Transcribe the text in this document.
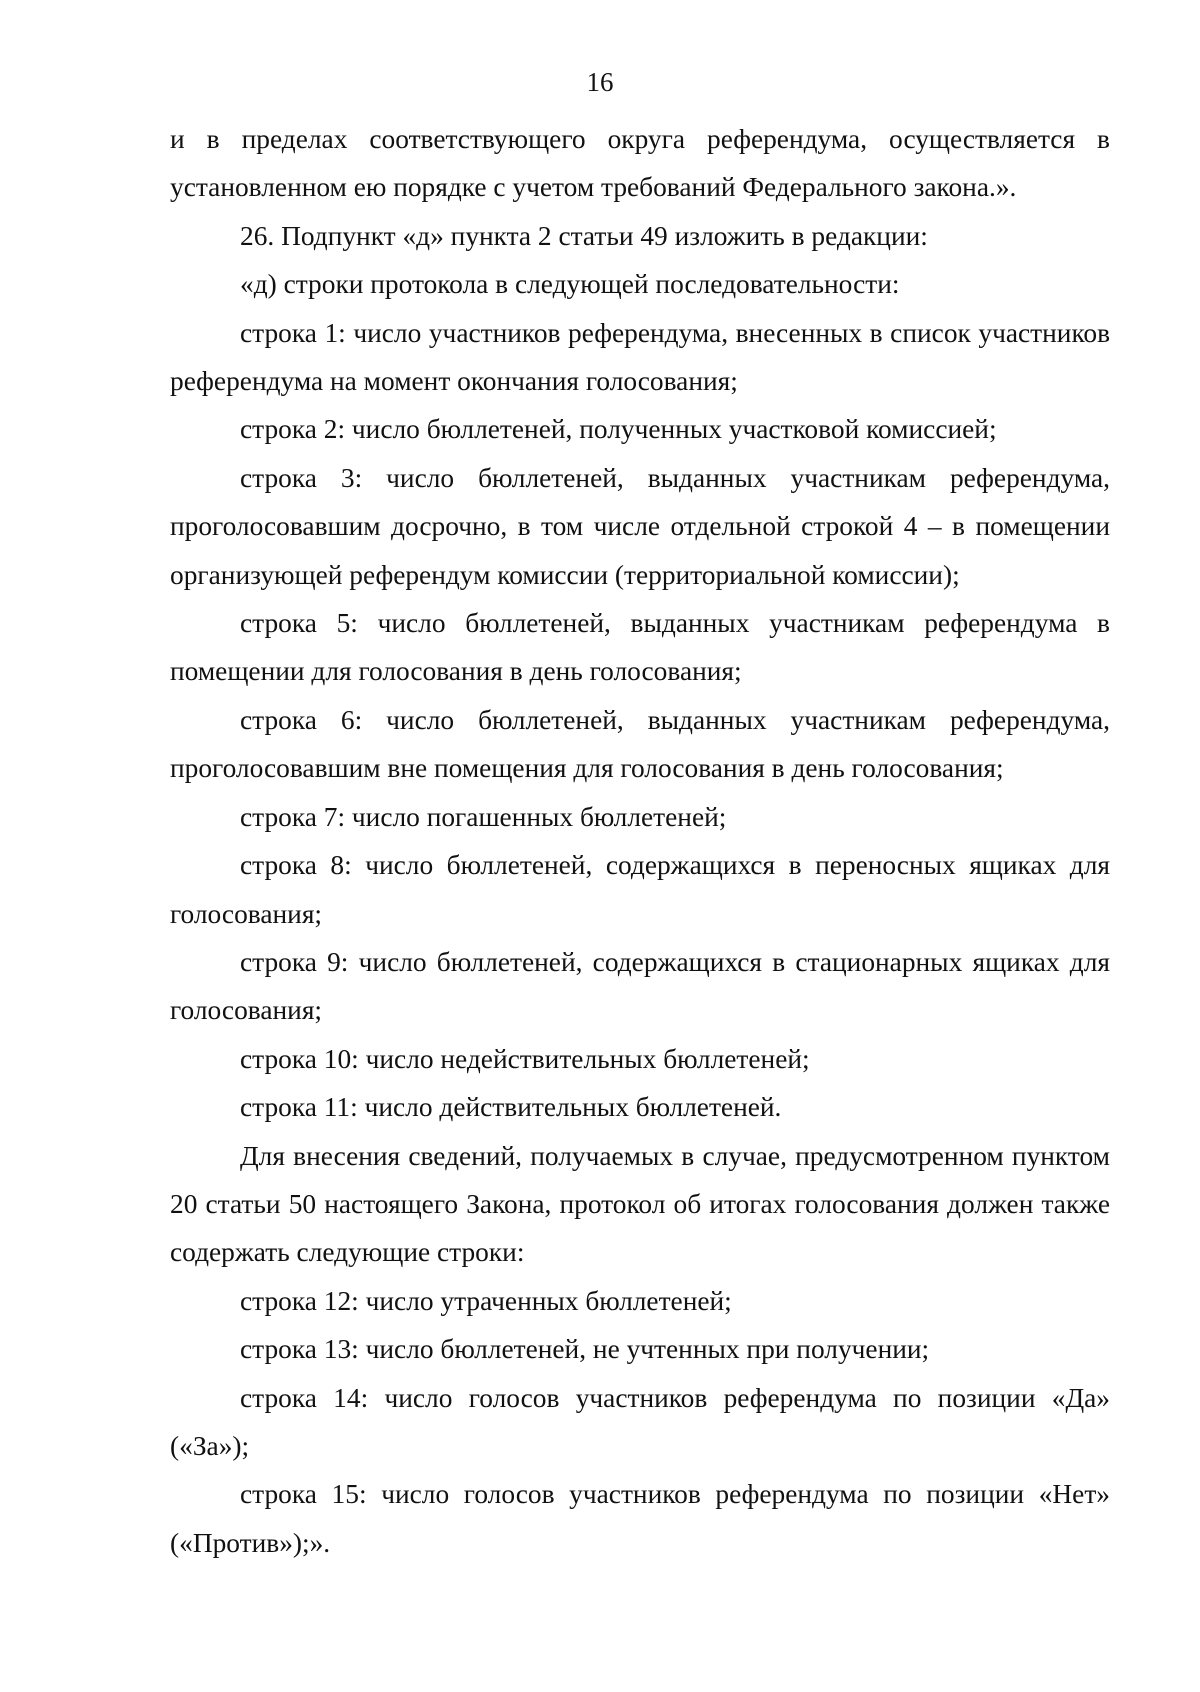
16

и в пределах соответствующего округа референдума, осуществляется в установленном ею порядке с учетом требований Федерального закона.».

26. Подпункт «д» пункта 2 статьи 49 изложить в редакции:

«д) строки протокола в следующей последовательности:

строка 1: число участников референдума, внесенных в список участников референдума на момент окончания голосования;

строка 2: число бюллетеней, полученных участковой комиссией;

строка 3: число бюллетеней, выданных участникам референдума, проголосовавшим досрочно, в том числе отдельной строкой 4 – в помещении организующей референдум комиссии (территориальной комиссии);

строка 5: число бюллетеней, выданных участникам референдума в помещении для голосования в день голосования;

строка 6: число бюллетеней, выданных участникам референдума, проголосовавшим вне помещения для голосования в день голосования;

строка 7: число погашенных бюллетеней;

строка 8: число бюллетеней, содержащихся в переносных ящиках для голосования;

строка 9: число бюллетеней, содержащихся в стационарных ящиках для голосования;

строка 10: число недействительных бюллетеней;

строка 11: число действительных бюллетеней.

Для внесения сведений, получаемых в случае, предусмотренном пунктом 20 статьи 50 настоящего Закона, протокол об итогах голосования должен также содержать следующие строки:

строка 12: число утраченных бюллетеней;

строка 13: число бюллетеней, не учтенных при получении;

строка 14: число голосов участников референдума по позиции «Да» («За»);

строка 15: число голосов участников референдума по позиции «Нет» («Против»);».
